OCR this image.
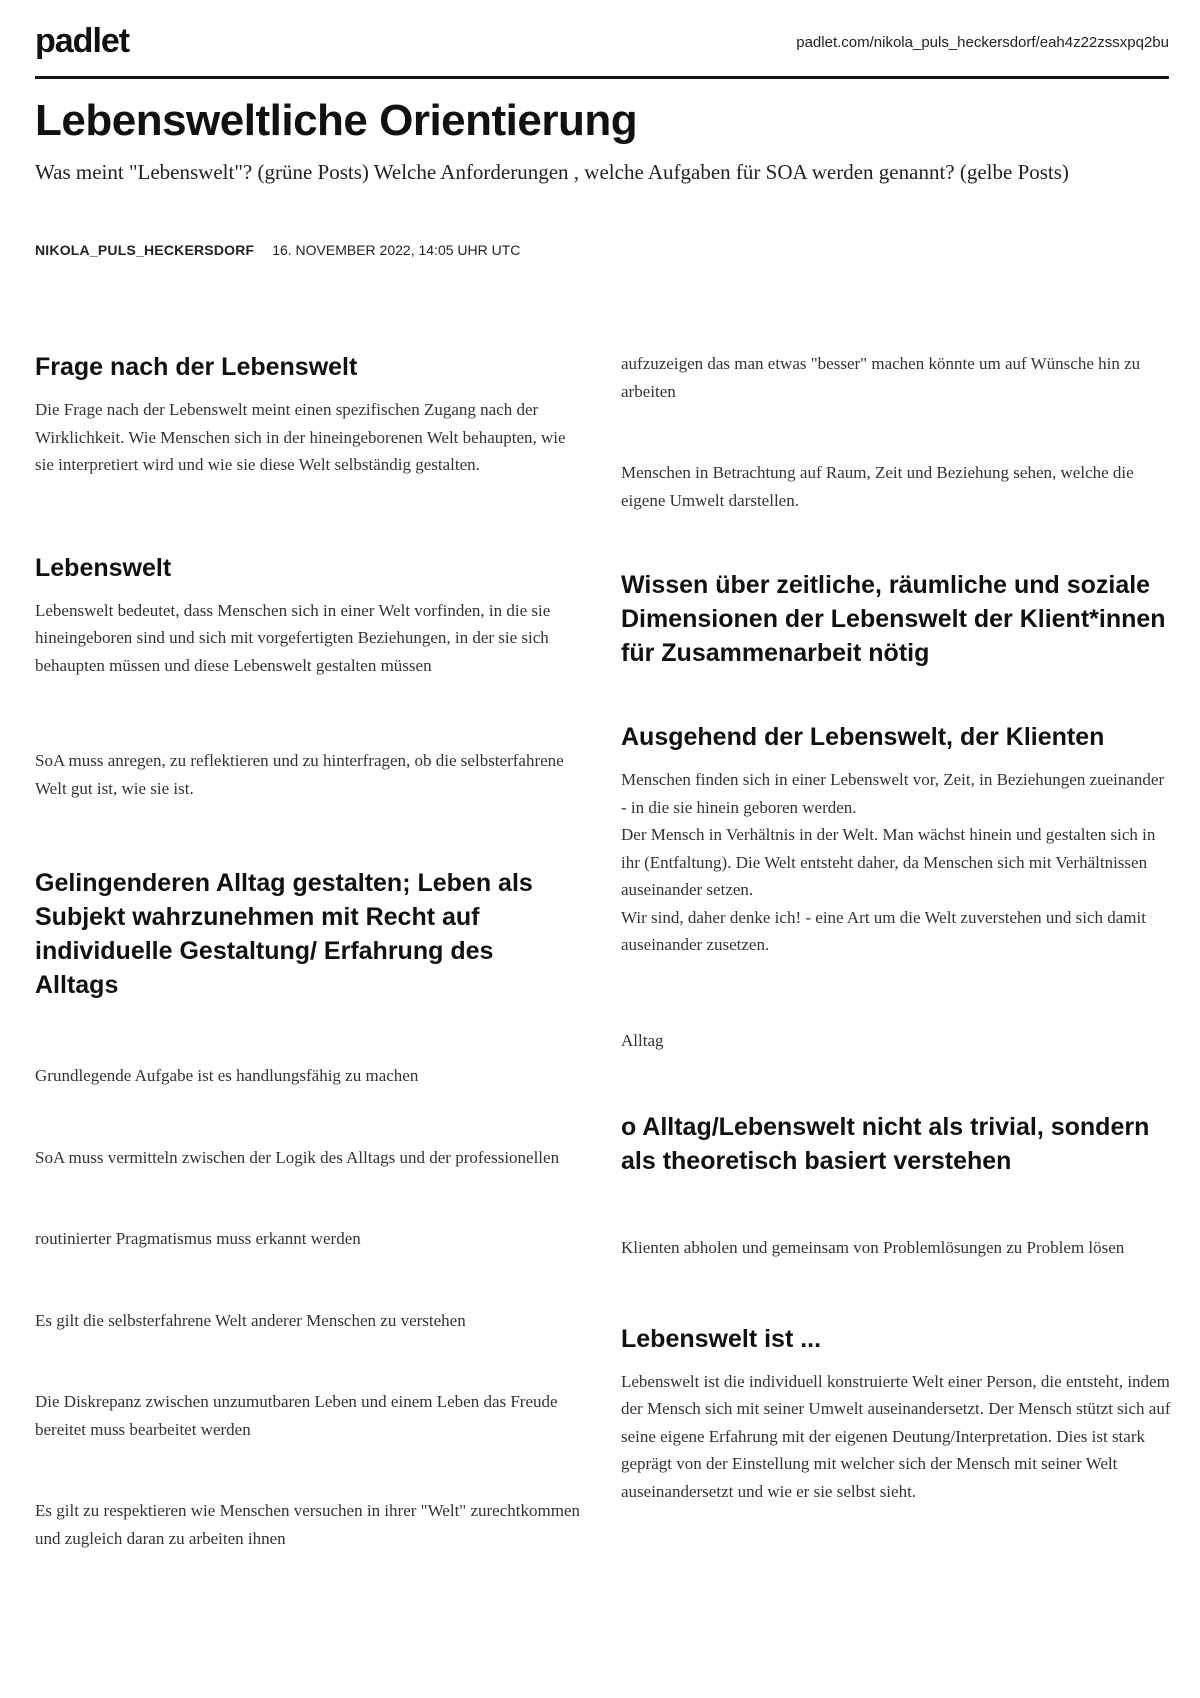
padlet	padlet.com/nikola_puls_heckersdorf/eah4z22zssxpq2bu
Lebensweltliche Orientierung

Was meint "Lebenswelt"? (grüne Posts) Welche Anforderungen , welche Aufgaben für SOA werden genannt? (gelbe Posts)

NIKOLA_PULS_HECKERSDORF 16. NOVEMBER 2022, 14:05 UHR UTC
Frage nach der Lebenswelt

Die Frage nach der Lebenswelt meint einen spezifischen Zugang nach der Wirklichkeit. Wie Menschen sich in der hineingeborenen Welt behaupten, wie sie interpretiert wird und wie sie diese Welt selbständig gestalten.

Lebenswelt

Lebenswelt bedeutet, dass Menschen sich in einer Welt vorfinden, in die sie hineingeboren sind und sich mit vorgefertigten Beziehungen, in der sie sich behaupten müssen und diese Lebenswelt gestalten müssen

SoA muss anregen, zu reflektieren und zu hinterfragen, ob die selbsterfahrene Welt gut ist, wie sie ist.

Gelingenderen Alltag gestalten; Leben als Subjekt wahrzunehmen mit Recht auf individuelle Gestaltung/ Erfahrung des Alltags

Grundlegende Aufgabe ist es handlungsfähig zu machen

SoA muss vermitteln zwischen der Logik des Alltags und der professionellen

routinierter Pragmatismus muss erkannt werden

Es gilt die selbsterfahrene Welt anderer Menschen zu verstehen

Die Diskrepanz zwischen unzumutbaren Leben und einem Leben das Freude bereitet muss bearbeitet werden

Es gilt zu respektieren wie Menschen versuchen in ihrer "Welt" zurechtkommen und zugleich daran zu arbeiten ihnen

aufzuzeigen das man etwas "besser" machen könnte um auf Wünsche hin zu arbeiten

Menschen in Betrachtung auf Raum, Zeit und Beziehung sehen, welche die eigene Umwelt darstellen.

Wissen über zeitliche, räumliche und soziale Dimensionen der Lebenswelt der Klient*innen für Zusammenarbeit nötig
Ausgehend der Lebenswelt, der Klienten

Menschen finden sich in einer Lebenswelt vor, Zeit, in Beziehungen zueinander - in die sie hinein geboren werden.
Der Mensch in Verhältnis in der Welt. Man wächst hinein und gestalten sich in ihr (Entfaltung). Die Welt entsteht daher, da Menschen sich mit Verhältnissen auseinander setzen.
Wir sind, daher denke ich! - eine Art um die Welt zuverstehen und sich damit auseinander zusetzen.

Alltag

o Alltag/Lebenswelt nicht als trivial, sondern als theoretisch basiert verstehen

Klienten abholen und gemeinsam von Problemlösungen zu Problem lösen

Lebenswelt ist ...

Lebenswelt ist die individuell konstruierte Welt einer Person, die entsteht, indem der Mensch sich mit seiner Umwelt auseinandersetzt. Der Mensch stützt sich auf seine eigene Erfahrung mit der eigenen Deutung/Interpretation. Dies ist stark geprägt von der Einstellung mit welcher sich der Mensch mit seiner Welt auseinandersetzt und wie er sie selbst sieht.
